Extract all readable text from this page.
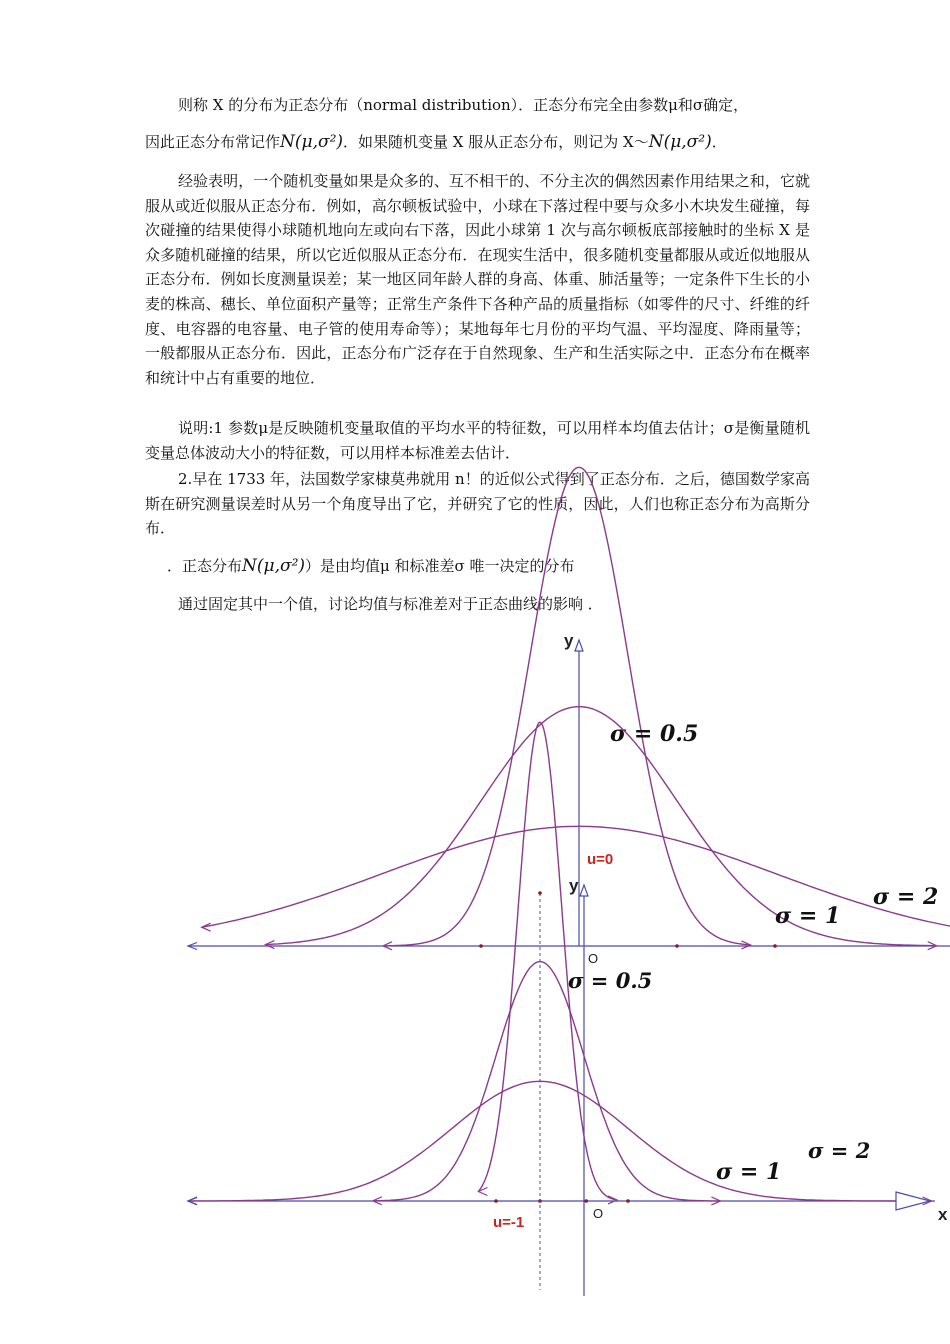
则称 X 的分布为正态分布（normal distribution）．正态分布完全由参数μ和σ确定，

因此正态分布常记作N(μ,σ²)．如果随机变量 X 服从正态分布，则记为 X～N(μ,σ²)．

经验表明，一个随机变量如果是众多的、互不相干的、不分主次的偶然因素作用结果之和，它就服从或近似服从正态分布．例如，高尔顿板试验中，小球在下落过程中要与众多小木块发生碰撞，每次碰撞的结果使得小球随机地向左或向右下落，因此小球第 1 次与高尔顿板底部接触时的坐标 X 是众多随机碰撞的结果，所以它近似服从正态分布．在现实生活中，很多随机变量都服从或近似地服从正态分布．例如长度测量误差；某一地区同年龄人群的身高、体重、肺活量等；一定条件下生长的小麦的株高、穗长、单位面积产量等；正常生产条件下各种产品的质量指标（如零件的尺寸、纤维的纤度、电容器的电容量、电子管的使用寿命等）；某地每年七月份的平均气温、平均湿度、降雨量等；一般都服从正态分布．因此，正态分布广泛存在于自然现象、生产和生活实际之中．正态分布在概率和统计中占有重要的地位．

说明:1 参数μ是反映随机变量取值的平均水平的特征数，可以用样本均值去估计；σ是衡量随机变量总体波动大小的特征数，可以用样本标准差去估计．

2.早在 1733 年，法国数学家棣莫弗就用 n！的近似公式得到了正态分布．之后，德国数学家高斯在研究测量误差时从另一个角度导出了它，并研究了它的性质，因此，人们也称正态分布为高斯分布．

．正态分布N(μ,σ²)）是由均值μ 和标准差σ 唯一决定的分布

通过固定其中一个值，讨论均值与标准差对于正态曲线的影响 ．

y
O
σ = 0.5
σ = 1
σ = 2
u=0
y
O
σ = 0.5
σ = 1
σ = 2
x
u=-1
